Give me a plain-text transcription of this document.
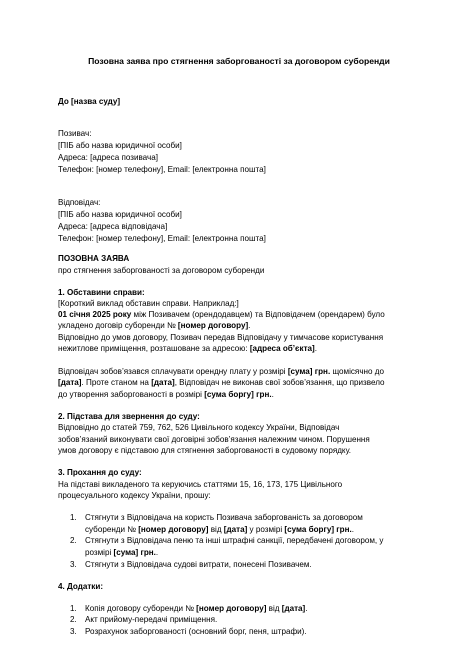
Позовна заява про стягнення заборгованості за договором суборенди
До [назва суду]
Позивач:
[ПІБ або назва юридичної особи]
Адреса: [адреса позивача]
Телефон: [номер телефону], Email: [електронна пошта]
Відповідач:
[ПІБ або назва юридичної особи]
Адреса: [адреса відповідача]
Телефон: [номер телефону], Email: [електронна пошта]
ПОЗОВНА ЗАЯВА
про стягнення заборгованості за договором суборенди
1. Обставини справи:
[Короткий виклад обставин справи. Наприклад:]
01 січня 2025 року між Позивачем (орендодавцем) та Відповідачем (орендарем) було
укладено договір суборенди № [номер договору].
Відповідно до умов договору, Позивач передав Відповідачу у тимчасове користування
нежитлове приміщення, розташоване за адресою: [адреса об’єкта].
Відповідач зобов’язався сплачувати орендну плату у розмірі [сума] грн. щомісячно до
[дата]. Проте станом на [дата], Відповідач не виконав свої зобов’язання, що призвело
до утворення заборгованості в розмірі [сума боргу] грн..
2. Підстава для звернення до суду:
Відповідно до статей 759, 762, 526 Цивільного кодексу України, Відповідач
зобов’язаний виконувати свої договірні зобов’язання належним чином. Порушення
умов договору є підставою для стягнення заборгованості в судовому порядку.
3. Прохання до суду:
На підставі викладеного та керуючись статтями 15, 16, 173, 175 Цивільного
процесуального кодексу України, прошу:
1. Стягнути з Відповідача на користь Позивача заборгованість за договором
суборенди № [номер договору] від [дата] у розмірі [сума боргу] грн..
2. Стягнути з Відповідача пеню та інші штрафні санкції, передбачені договором, у
розмірі [сума] грн..
3. Стягнути з Відповідача судові витрати, понесені Позивачем.
4. Додатки:
1. Копія договору суборенди № [номер договору] від [дата].
2. Акт прийому-передачі приміщення.
3. Розрахунок заборгованості (основний борг, пеня, штрафи).
